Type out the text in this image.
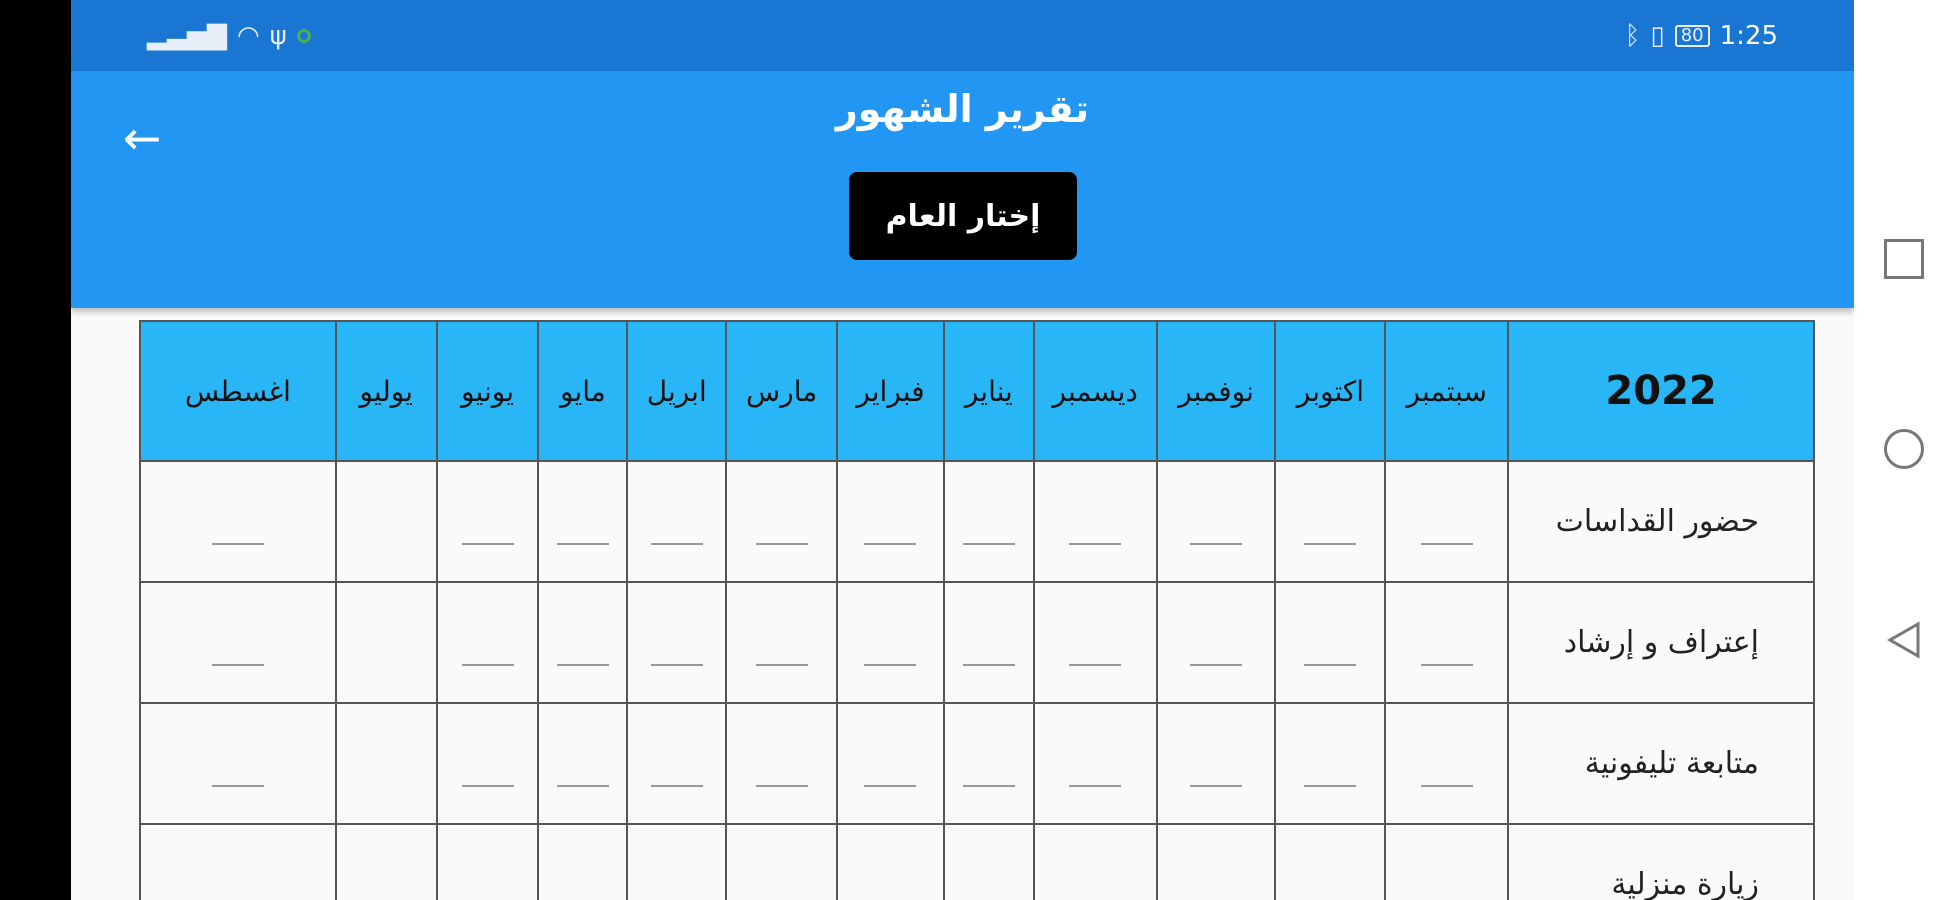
▂▃▅▇ ◠ ψ	ᛒ ▯ 80 1:25
←
تقرير الشهور
إختار العام
2022	سبتمبر	اكتوبر	نوفمبر	ديسمبر	يناير	فبراير	مارس	ابريل	مايو	يونيو	يوليو	اغسطس
حضور القداسات												
إعتراف و إرشاد												
متابعة تليفونية												
زيارة منزلية												
